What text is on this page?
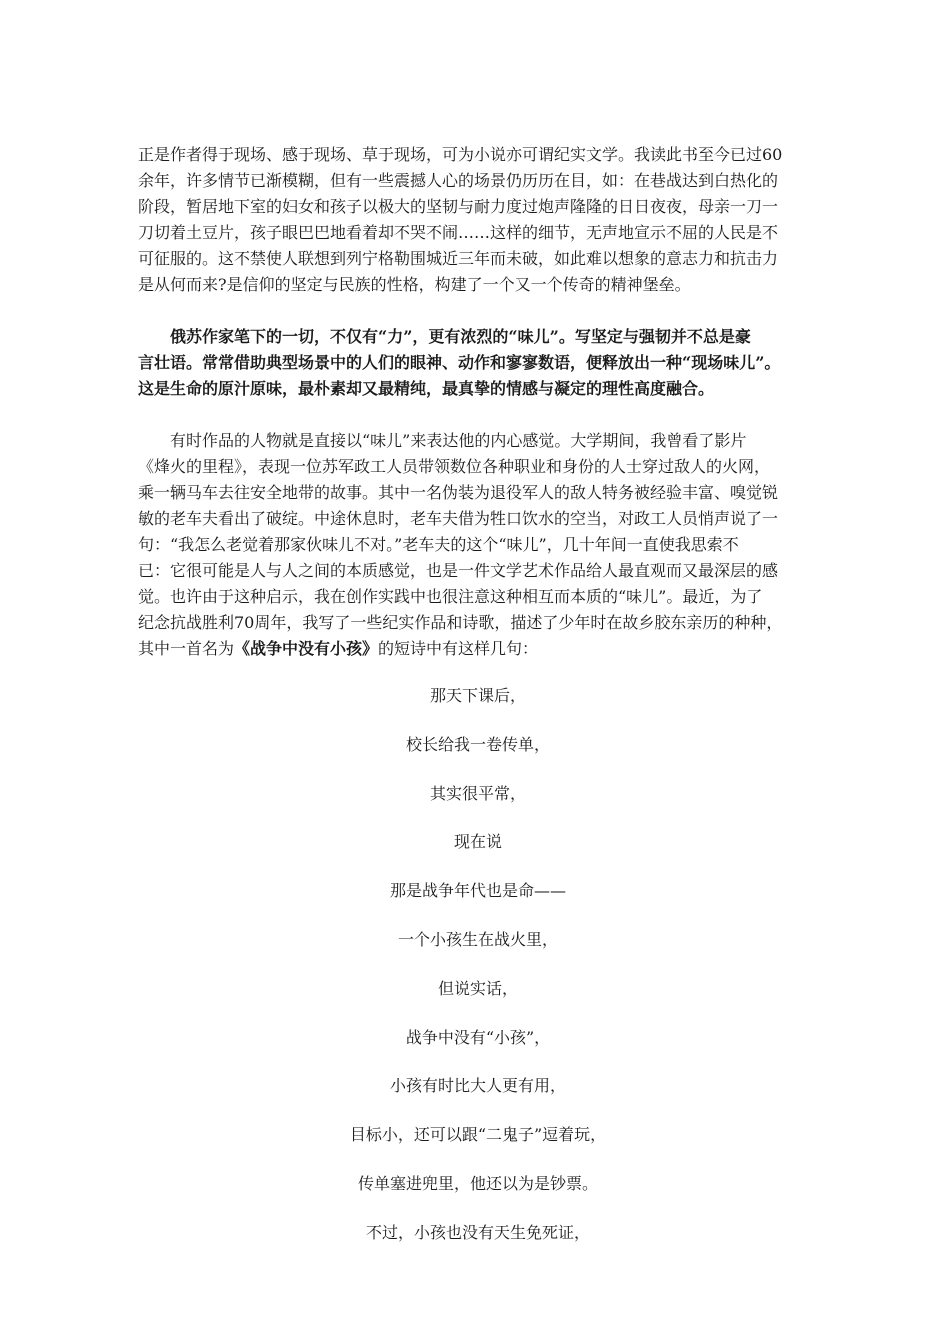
正是作者得于现场、感于现场、草于现场，可为小说亦可谓纪实文学。我读此书至今已过60
余年，许多情节已渐模糊，但有一些震撼人心的场景仍历历在目，如：在巷战达到白热化的
阶段，暂居地下室的妇女和孩子以极大的坚韧与耐力度过炮声隆隆的日日夜夜，母亲一刀一
刀切着土豆片，孩子眼巴巴地看着却不哭不闹……这样的细节，无声地宣示不屈的人民是不
可征服的。这不禁使人联想到列宁格勒围城近三年而未破，如此难以想象的意志力和抗击力
是从何而来?是信仰的坚定与民族的性格，构建了一个又一个传奇的精神堡垒。

　　俄苏作家笔下的一切，不仅有“力”，更有浓烈的“味儿”。写坚定与强韧并不总是豪
言壮语。常常借助典型场景中的人们的眼神、动作和寥寥数语，便释放出一种“现场味儿”。
这是生命的原汁原味，最朴素却又最精纯，最真挚的情感与凝定的理性高度融合。

　　有时作品的人物就是直接以“味儿”来表达他的内心感觉。大学期间，我曾看了影片
《烽火的里程》，表现一位苏军政工人员带领数位各种职业和身份的人士穿过敌人的火网，
乘一辆马车去往安全地带的故事。其中一名伪装为退役军人的敌人特务被经验丰富、嗅觉锐
敏的老车夫看出了破绽。中途休息时，老车夫借为牲口饮水的空当，对政工人员悄声说了一
句：“我怎么老觉着那家伙味儿不对。”老车夫的这个“味儿”，几十年间一直使我思索不
已：它很可能是人与人之间的本质感觉，也是一件文学艺术作品给人最直观而又最深层的感
觉。也许由于这种启示，我在创作实践中也很注意这种相互而本质的“味儿”。最近，为了
纪念抗战胜利70周年，我写了一些纪实作品和诗歌，描述了少年时在故乡胶东亲历的种种，
其中一首名为《战争中没有小孩》的短诗中有这样几句：

那天下课后，

校长给我一卷传单，

其实很平常，

现在说

那是战争年代也是命——

一个小孩生在战火里，

但说实话，

战争中没有“小孩”，

小孩有时比大人更有用，

目标小，还可以跟“二鬼子”逗着玩，

传单塞进兜里，他还以为是钞票。

不过，小孩也没有天生免死证，
